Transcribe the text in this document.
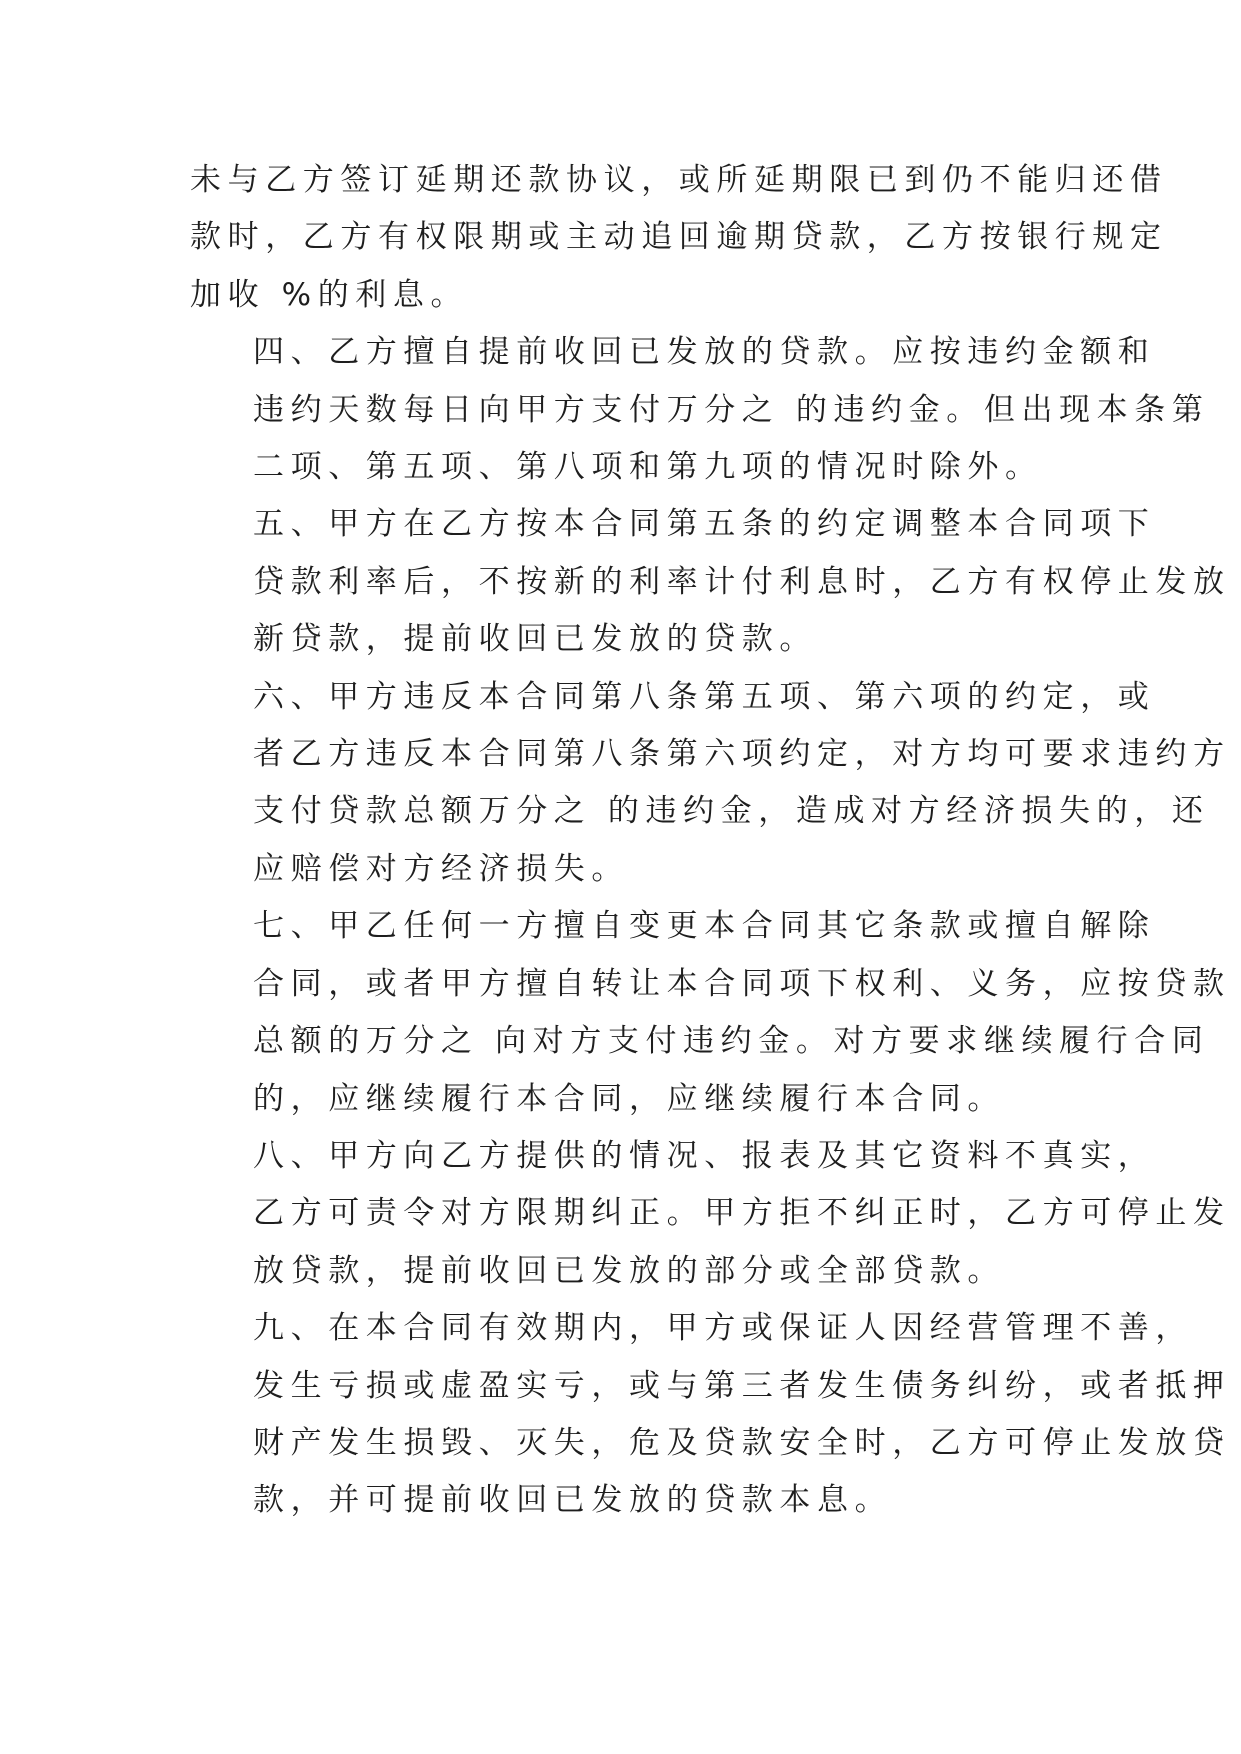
未与乙方签订延期还款协议，或所延期限已到仍不能归还借
款时，乙方有权限期或主动追回逾期贷款，乙方按银行规定
加收 %的利息。
四、乙方擅自提前收回已发放的贷款。应按违约金额和
违约天数每日向甲方支付万分之 的违约金。但出现本条第
二项、第五项、第八项和第九项的情况时除外。
五、甲方在乙方按本合同第五条的约定调整本合同项下
贷款利率后，不按新的利率计付利息时，乙方有权停止发放
新贷款，提前收回已发放的贷款。
六、甲方违反本合同第八条第五项、第六项的约定，或
者乙方违反本合同第八条第六项约定，对方均可要求违约方
支付贷款总额万分之 的违约金，造成对方经济损失的，还
应赔偿对方经济损失。
七、甲乙任何一方擅自变更本合同其它条款或擅自解除
合同，或者甲方擅自转让本合同项下权利、义务，应按贷款
总额的万分之 向对方支付违约金。对方要求继续履行合同
的，应继续履行本合同，应继续履行本合同。
八、甲方向乙方提供的情况、报表及其它资料不真实，
乙方可责令对方限期纠正。甲方拒不纠正时，乙方可停止发
放贷款，提前收回已发放的部分或全部贷款。
九、在本合同有效期内，甲方或保证人因经营管理不善，
发生亏损或虚盈实亏，或与第三者发生债务纠纷，或者抵押
财产发生损毁、灭失，危及贷款安全时，乙方可停止发放贷
款，并可提前收回已发放的贷款本息。
